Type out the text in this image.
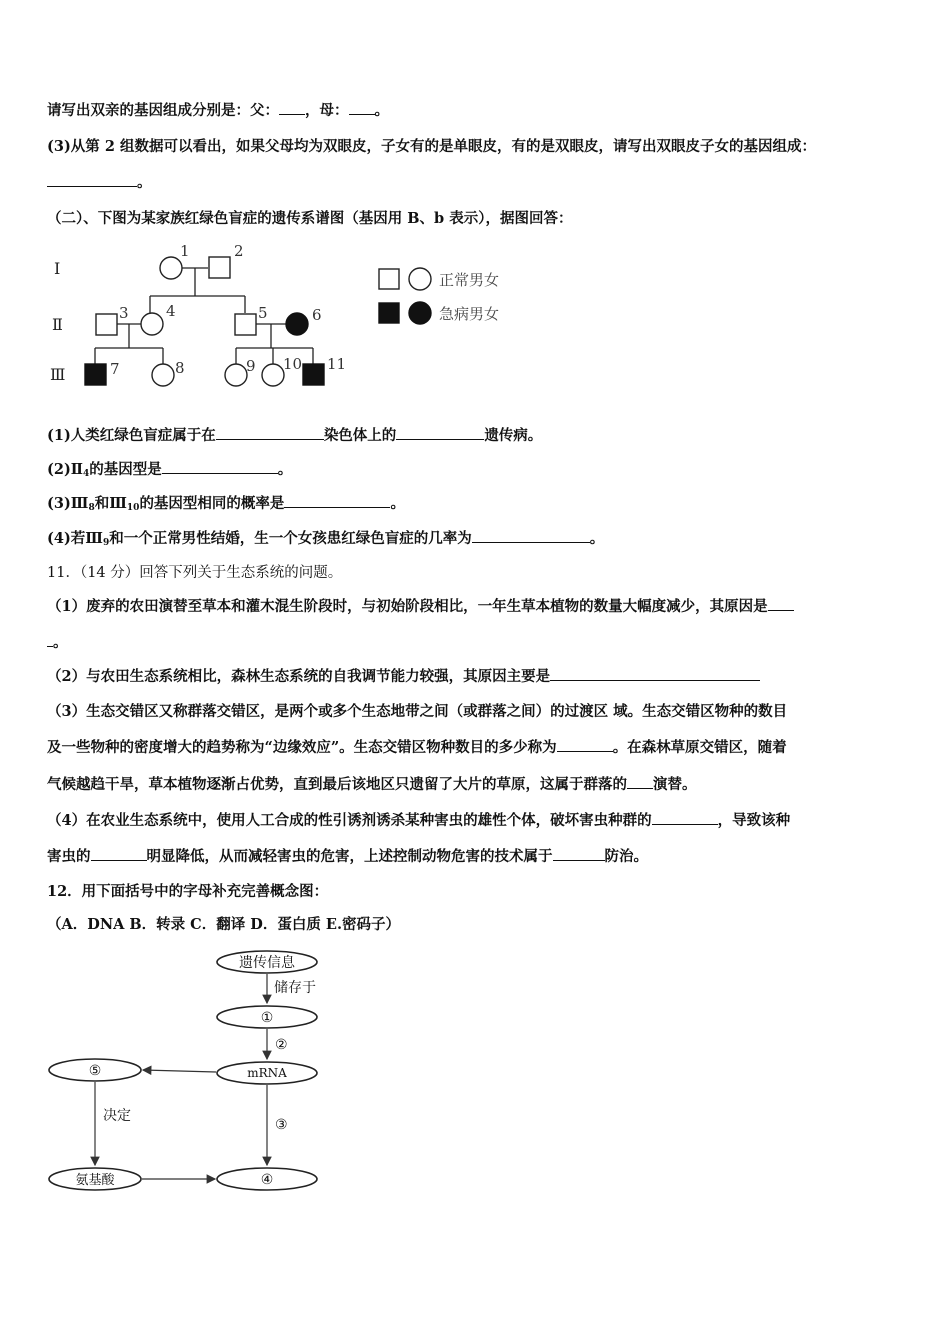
请写出双亲的基因组成分别是：父： ，母： 。
(3)从第 2 组数据可以看出，如果父母均为双眼皮，子女有的是单眼皮，有的是双眼皮，请写出双眼皮子女的基因组成：
。
（二）、下图为某家族红绿色盲症的遗传系谱图（基因用 B、b 表示），据图回答：
Ⅰ
Ⅱ
Ⅲ
1	2
3 4	5	6
7	8	9 10 11
正常男女
急病男女
(1)人类红绿色盲症属于在	染色体上的	遗传病。
$(2)Ⅱ_4$的基因型是	。
$(3)Ⅲ_8$和$Ⅲ_{10}$的基因型相同的概率是	。
(4)若$Ⅲ_9$和一个正常男性结婚，生一个女孩患红绿色盲症的几率为	。
11．（14 分）回答下列关于生态系统的问题。
（1）废弃的农田演替至草本和灌木混生阶段时，与初始阶段相比，一年生草本植物的数量大幅度减少，其原因是
。
（2）与农田生态系统相比，森林生态系统的自我调节能力较强，其原因主要是
（3）生态交错区又称群落交错区，是两个或多个生态地带之间（或群落之间）的过渡区 域。生态交错区物种的数目
及一些物种的密度增大的趋势称为“边缘效应”。生态交错区物种数目的多少称为	。在森林草原交错区，随着
气候越趋干旱，草本植物逐渐占优势，直到最后该地区只遗留了大片的草原，这属于群落的 演替。
（4）在农业生态系统中，使用人工合成的性引诱剂诱杀某种害虫的雄性个体，破坏害虫种群的	，导致该种
害虫的	明显降低，从而减轻害虫的危害，上述控制动物危害的技术属于	防治。
12．用下面括号中的字母补充完善概念图：
（A．DNA B．转录 C．翻译 D．蛋白质 E.密码子）
遗传信息
储存于
①
②
mRNA
⑤
决定
③
氨基酸	④
